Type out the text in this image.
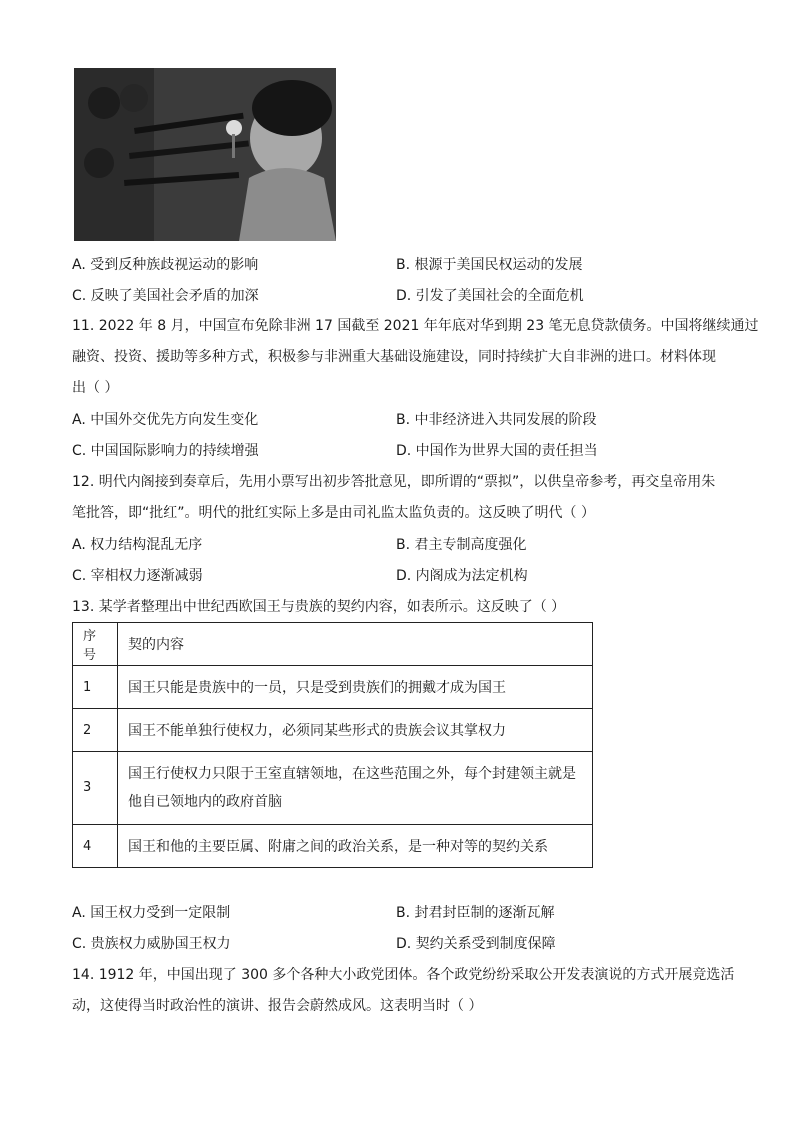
A. 受到反种族歧视运动的影响	B. 根源于美国民权运动的发展
C. 反映了美国社会矛盾的加深	D. 引发了美国社会的全面危机
11. 2022 年 8 月，中国宣布免除非洲 17 国截至 2021 年年底对华到期 23 笔无息贷款债务。中国将继续通过
融资、投资、援助等多种方式，积极参与非洲重大基础设施建设，同时持续扩大自非洲的进口。材料体现
出（ ）
A. 中国外交优先方向发生变化	B. 中非经济进入共同发展的阶段
C. 中国国际影响力的持续增强	D. 中国作为世界大国的责任担当
12. 明代内阁接到奏章后，先用小票写出初步答批意见，即所谓的“票拟”，以供皇帝参考，再交皇帝用朱
笔批答，即“批红”。明代的批红实际上多是由司礼监太监负责的。这反映了明代（ ）
A. 权力结构混乱无序	B. 君主专制高度强化
C. 宰相权力逐渐减弱	D. 内阁成为法定机构
13. 某学者整理出中世纪西欧国王与贵族的契约内容，如表所示。这反映了（ ）
序号	契的内容
1	国王只能是贵族中的一员，只是受到贵族们的拥戴才成为国王
2	国王不能单独行使权力，必须同某些形式的贵族会议其掌权力
3	国王行使权力只限于王室直辖领地，在这些范围之外，每个封建领主就是
他自已领地内的政府首脑
4	国王和他的主要臣属、附庸之间的政治关系，是一种对等的契约关系
A. 国王权力受到一定限制	B. 封君封臣制的逐渐瓦解
C. 贵族权力威胁国王权力	D. 契约关系受到制度保障
14. 1912 年，中国出现了 300 多个各种大小政党团体。各个政党纷纷采取公开发表演说的方式开展竞选活
动，这使得当时政治性的演讲、报告会蔚然成风。这表明当时（ ）
